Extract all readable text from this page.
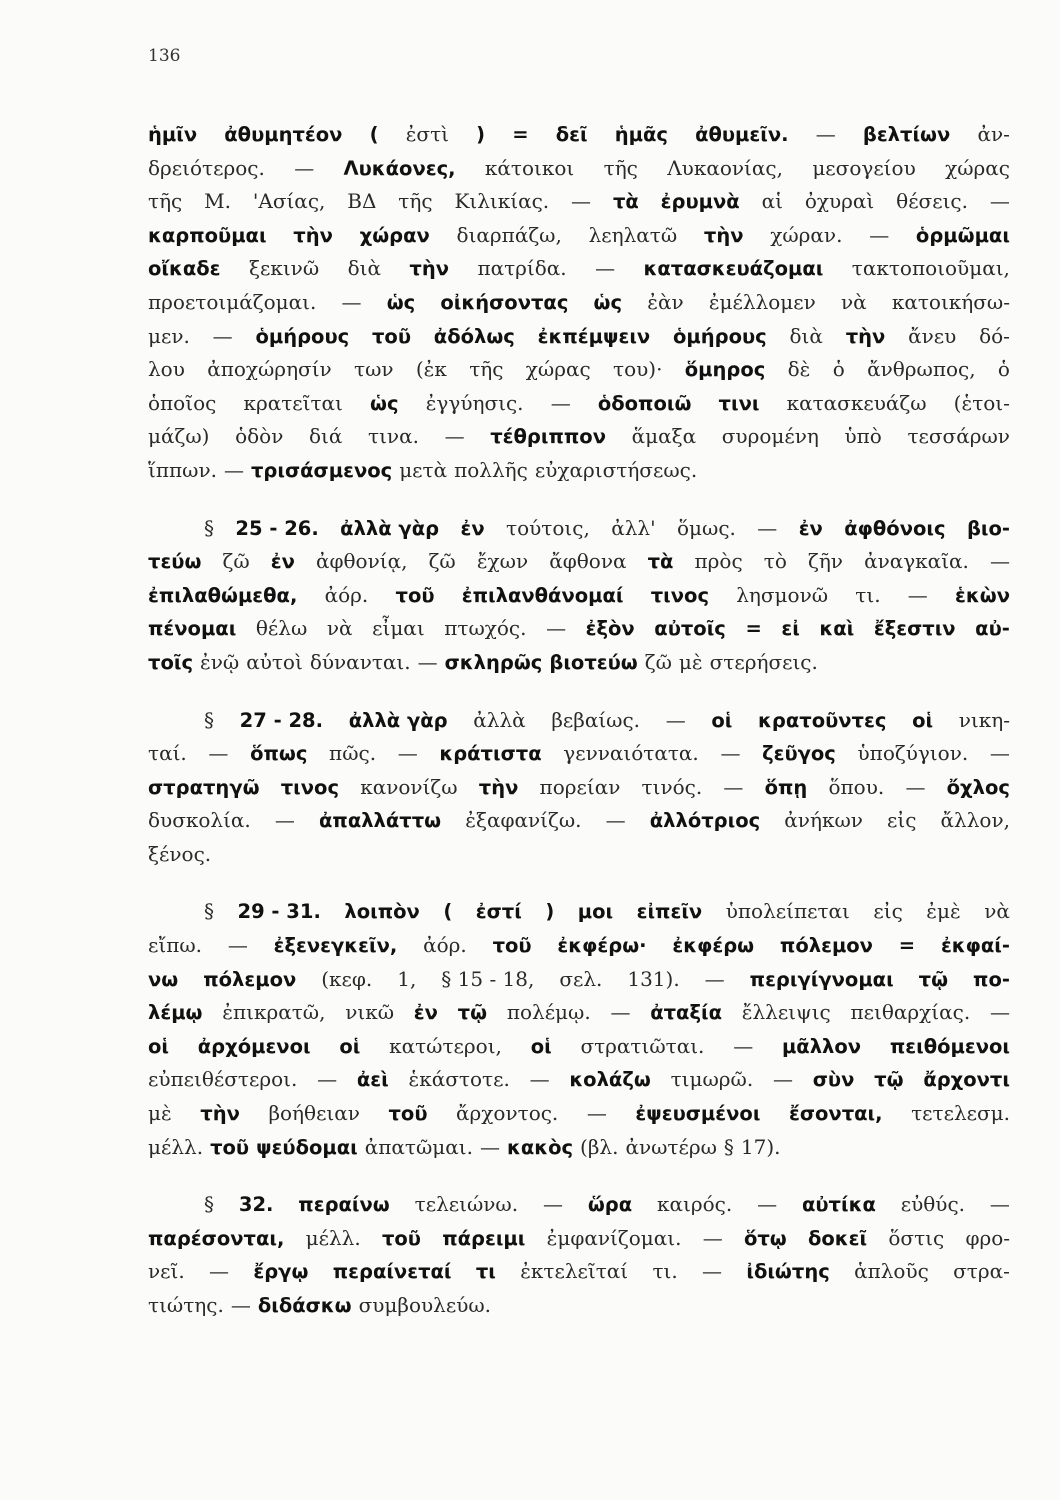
136
ἡμῖν ἀθυμητέον ( ἐστὶ ) = δεῖ ἡμᾶς ἀθυμεῖν. — βελτίων ἀν-
δρειότερος. — Λυκάονες, κάτοικοι τῆς Λυκαονίας, μεσογείου χώρας
τῆς Μ. 'Ασίας, ΒΔ τῆς Κιλικίας. — τὰ ἐρυμνὰ αἱ ὀχυραὶ θέσεις. —
καρποῦμαι τὴν χώραν διαρπάζω, λεηλατῶ τὴν χώραν. — ὁρμῶμαι
οἴκαδε ξεκινῶ διὰ τὴν πατρίδα. — κατασκευάζομαι τακτοποιοῦμαι,
προετοιμάζομαι. — ὡς οἰκήσοντας ὡς ἐὰν ἐμέλλομεν νὰ κατοικήσω-
μεν. — ὁμήρους τοῦ ἀδόλως ἐκπέμψειν ὁμήρους διὰ τὴν ἄνευ δό-
λου ἀποχώρησίν των (ἐκ τῆς χώρας του)· ὅμηρος δὲ ὁ ἄνθρωπος, ὁ
ὁποῖος κρατεῖται ὡς ἐγγύησις. — ὁδοποιῶ τινι κατασκευάζω (ἑτοι-
μάζω) ὁδὸν διά τινα. — τέθριππον ἅμαξα συρομένη ὑπὸ τεσσάρων
ἵππων. — τρισάσμενος μετὰ πολλῆς εὐχαριστήσεως.
§ 25 - 26. ἀλλὰ γὰρ ἐν τούτοις, ἀλλ' ὅμως. — ἐν ἀφθόνοις βιο-
τεύω ζῶ ἐν ἀφθονίᾳ, ζῶ ἔχων ἄφθονα τὰ πρὸς τὸ ζῆν ἀναγκαῖα. —
ἐπιλαθώμεθα, ἀόρ. τοῦ ἐπιλανθάνομαί τινος λησμονῶ τι. — ἑκὼν
πένομαι θέλω νὰ εἶμαι πτωχός. — ἐξὸν αὐτοῖς = εἰ καὶ ἔξεστιν αὐ-
τοῖς ἐνῷ αὐτοὶ δύνανται. — σκληρῶς βιοτεύω ζῶ μὲ στερήσεις.
§ 27 - 28. ἀλλὰ γὰρ ἀλλὰ βεβαίως. — οἱ κρατοῦντες οἱ νικη-
ταί. — ὅπως πῶς. — κράτιστα γενναιότατα. — ζεῦγος ὑποζύγιον. —
στρατηγῶ τινος κανονίζω τὴν πορείαν τινός. — ὅπῃ ὅπου. — ὄχλος
δυσκολία. — ἀπαλλάττω ἐξαφανίζω. — ἀλλότριος ἀνήκων εἰς ἄλλον,
ξένος.
§ 29 - 31. λοιπὸν ( ἐστί ) μοι εἰπεῖν ὑπολείπεται εἰς ἐμὲ νὰ
εἴπω. — ἐξενεγκεῖν, ἀόρ. τοῦ ἐκφέρω· ἐκφέρω πόλεμον = ἐκφαί-
νω πόλεμον (κεφ. 1, § 15 - 18, σελ. 131). — περιγίγνομαι τῷ πο-
λέμῳ ἐπικρατῶ, νικῶ ἐν τῷ πολέμῳ. — ἀταξία ἔλλειψις πειθαρχίας. —
οἱ ἀρχόμενοι οἱ κατώτεροι, οἱ στρατιῶται. — μᾶλλον πειθόμενοι
εὐπειθέστεροι. — ἀεὶ ἑκάστοτε. — κολάζω τιμωρῶ. — σὺν τῷ ἄρχοντι
μὲ τὴν βοήθειαν τοῦ ἄρχοντος. — ἐψευσμένοι ἔσονται, τετελεσμ.
μέλλ. τοῦ ψεύδομαι ἀπατῶμαι. — κακὸς (βλ. ἀνωτέρω § 17).
§ 32. περαίνω τελειώνω. — ὥρα καιρός. — αὐτίκα εὐθύς. —
παρέσονται, μέλλ. τοῦ πάρειμι ἐμφανίζομαι. — ὅτῳ δοκεῖ ὅστις φρο-
νεῖ. — ἔργῳ περαίνεταί τι ἐκτελεῖταί τι. — ἰδιώτης ἁπλοῦς στρα-
τιώτης. — διδάσκω συμβουλεύω.
